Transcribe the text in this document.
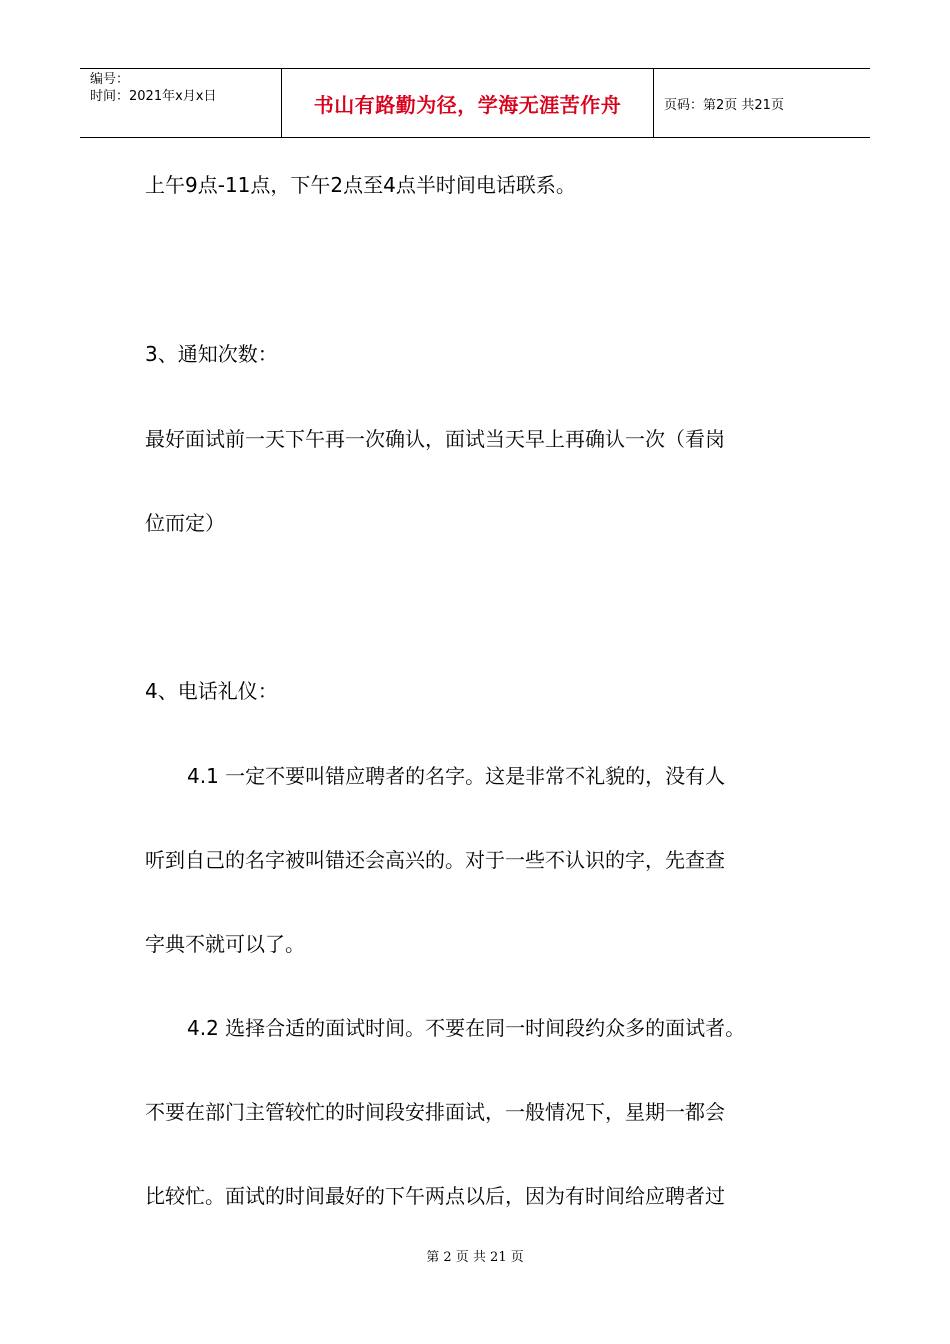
编号：
时间：2021年x月x日	书山有路勤为径，学海无涯苦作舟	页码：第2页 共21页
上午9点-11点，下午2点至4点半时间电话联系。
3、通知次数：
最好面试前一天下午再一次确认，面试当天早上再确认一次（看岗
位而定）
4、电话礼仪：
4.1 一定不要叫错应聘者的名字。这是非常不礼貌的，没有人
听到自己的名字被叫错还会高兴的。对于一些不认识的字，先查查
字典不就可以了。
4.2 选择合适的面试时间。不要在同一时间段约众多的面试者。
不要在部门主管较忙的时间段安排面试，一般情况下，星期一都会
比较忙。面试的时间最好的下午两点以后，因为有时间给应聘者过
第 2 页 共 21 页
